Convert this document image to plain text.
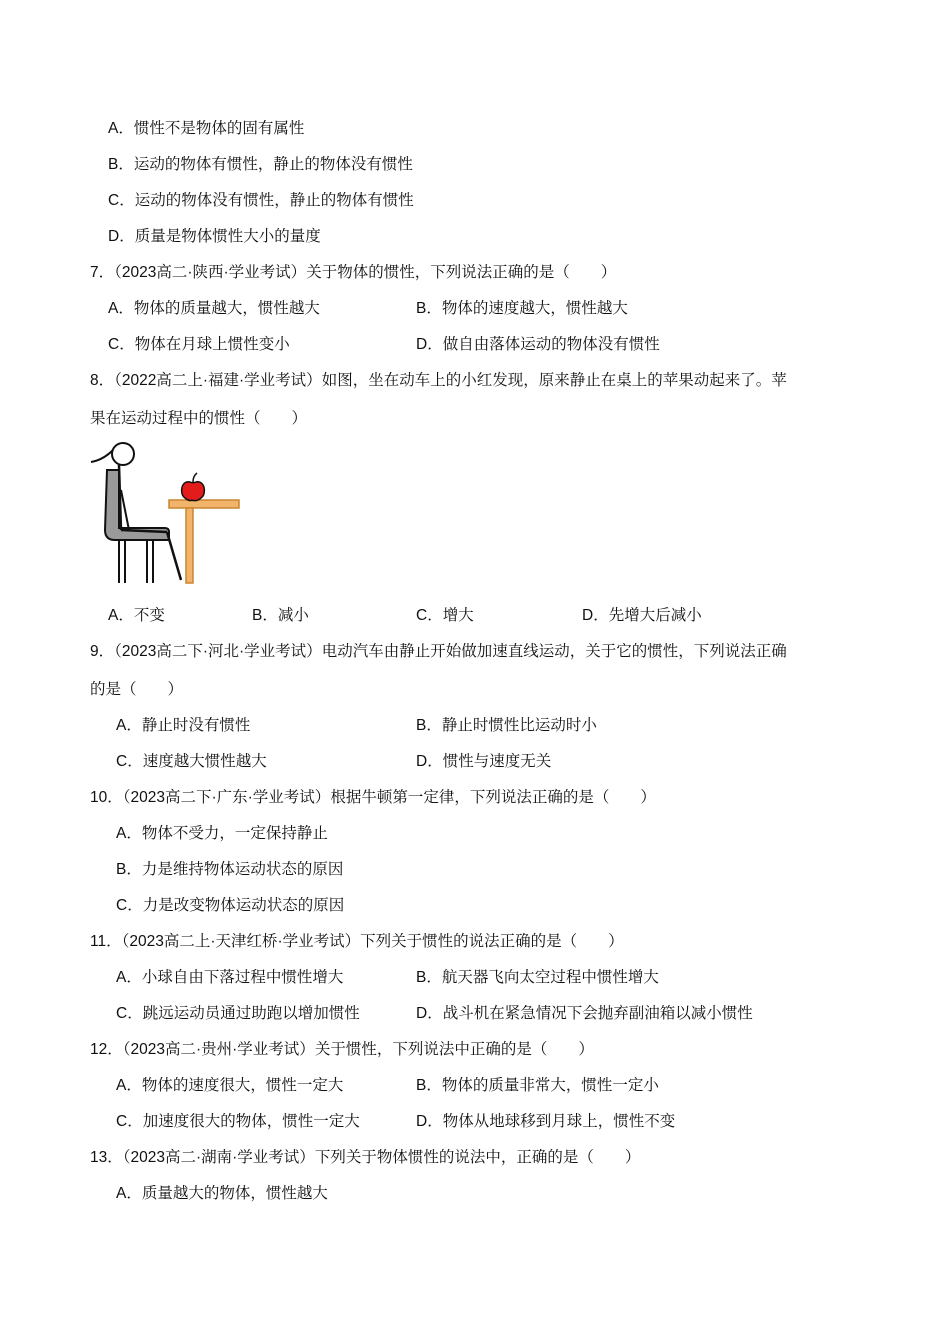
A．惯性不是物体的固有属性
B．运动的物体有惯性，静止的物体没有惯性
C．运动的物体没有惯性，静止的物体有惯性
D．质量是物体惯性大小的量度
7．（2023高二·陕西·学业考试）关于物体的惯性，下列说法正确的是（　　）
A．物体的质量越大，惯性越大	B．物体的速度越大，惯性越大
C．物体在月球上惯性变小	D．做自由落体运动的物体没有惯性
8．（2022高二上·福建·学业考试）如图，坐在动车上的小红发现，原来静止在桌上的苹果动起来了。苹
果在运动过程中的惯性（　　）
A．不变	B．减小	C．增大	D．先增大后减小
9．（2023高二下·河北·学业考试）电动汽车由静止开始做加速直线运动，关于它的惯性，下列说法正确
的是（　　）
A．静止时没有惯性	B．静止时惯性比运动时小
C．速度越大惯性越大	D．惯性与速度无关
10．（2023高二下·广东·学业考试）根据牛顿第一定律，下列说法正确的是（　　）
A．物体不受力，一定保持静止
B．力是维持物体运动状态的原因
C．力是改变物体运动状态的原因
11．（2023高二上·天津红桥·学业考试）下列关于惯性的说法正确的是（　　）
A．小球自由下落过程中惯性增大	B．航天器飞向太空过程中惯性增大
C．跳远运动员通过助跑以增加惯性	D．战斗机在紧急情况下会抛弃副油箱以减小惯性
12．（2023高二·贵州·学业考试）关于惯性，下列说法中正确的是（　　）
A．物体的速度很大，惯性一定大	B．物体的质量非常大，惯性一定小
C．加速度很大的物体，惯性一定大	D．物体从地球移到月球上，惯性不变
13．（2023高二·湖南·学业考试）下列关于物体惯性的说法中，正确的是（　　）
A．质量越大的物体，惯性越大
